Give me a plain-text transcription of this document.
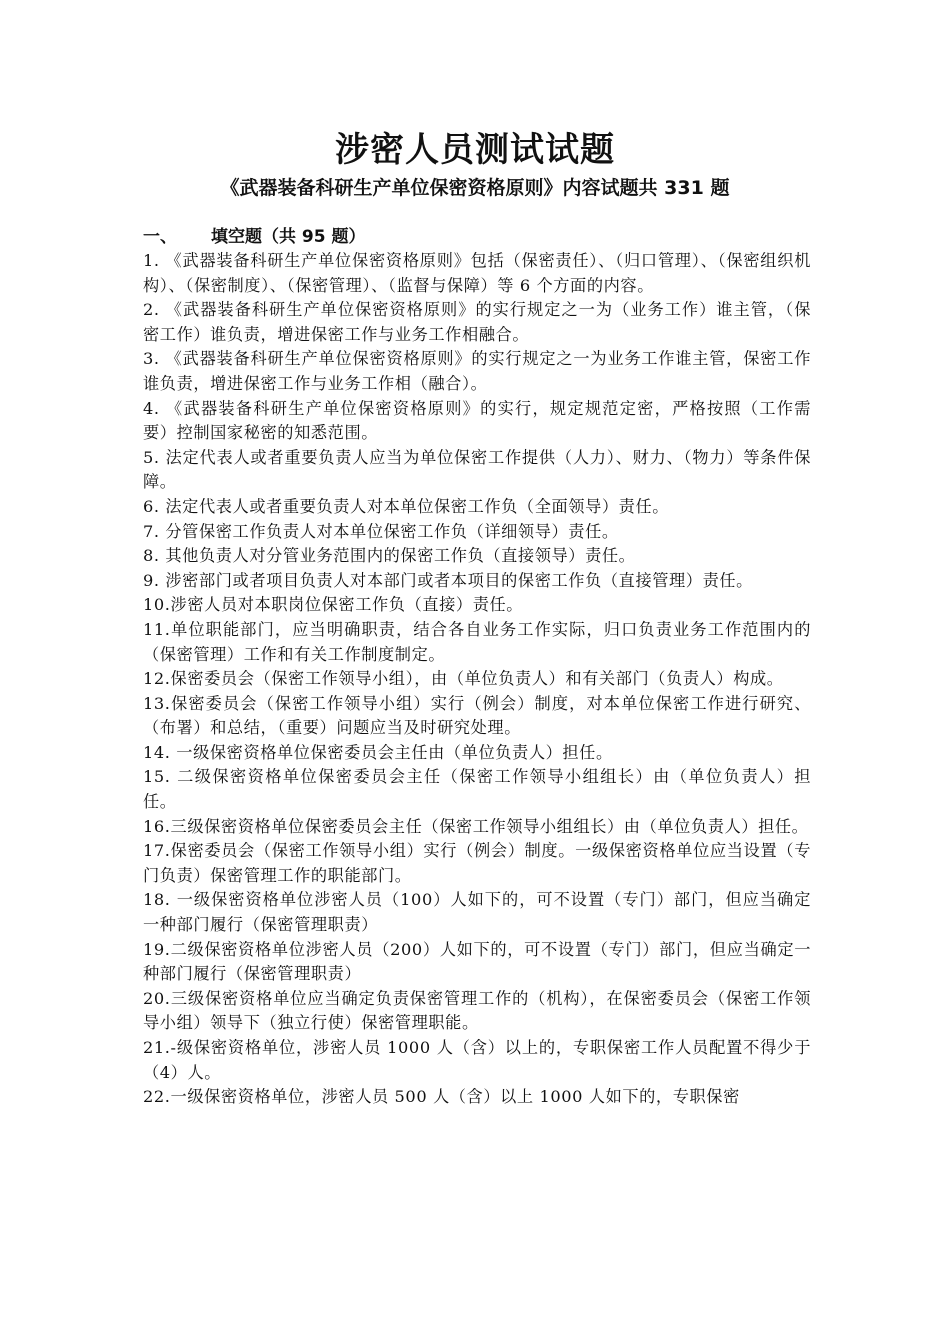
涉密人员测试试题
《武器装备科研生产单位保密资格原则》内容试题共 331 题
一、 填空题（共 95 题）
1. 《武器装备科研生产单位保密资格原则》包括（保密责任）、（归口管理）、（保密组织机构）、（保密制度）、（保密管理）、（监督与保障）等 6 个方面的内容。
2. 《武器装备科研生产单位保密资格原则》的实行规定之一为（业务工作）谁主管，（保密工作）谁负责，增进保密工作与业务工作相融合。
3. 《武器装备科研生产单位保密资格原则》的实行规定之一为业务工作谁主管，保密工作谁负责，增进保密工作与业务工作相（融合）。
4. 《武器装备科研生产单位保密资格原则》的实行，规定规范定密，严格按照（工作需要）控制国家秘密的知悉范围。
5. 法定代表人或者重要负责人应当为单位保密工作提供（人力）、财力、（物力）等条件保障。
6. 法定代表人或者重要负责人对本单位保密工作负（全面领导）责任。
7. 分管保密工作负责人对本单位保密工作负（详细领导）责任。
8. 其他负责人对分管业务范围内的保密工作负（直接领导）责任。
9. 涉密部门或者项目负责人对本部门或者本项目的保密工作负（直接管理）责任。
10.涉密人员对本职岗位保密工作负（直接）责任。
11.单位职能部门，应当明确职责，结合各自业务工作实际，归口负责业务工作范围内的（保密管理）工作和有关工作制度制定。
12.保密委员会（保密工作领导小组），由（单位负责人）和有关部门（负责人）构成。
13.保密委员会（保密工作领导小组）实行（例会）制度，对本单位保密工作进行研究、（布署）和总结，（重要）问题应当及时研究处理。
14. 一级保密资格单位保密委员会主任由（单位负责人）担任。
15. 二级保密资格单位保密委员会主任（保密工作领导小组组长）由（单位负责人）担任。
16.三级保密资格单位保密委员会主任（保密工作领导小组组长）由（单位负责人）担任。
17.保密委员会（保密工作领导小组）实行（例会）制度。一级保密资格单位应当设置（专门负责）保密管理工作的职能部门。
18. 一级保密资格单位涉密人员（100）人如下的，可不设置（专门）部门，但应当确定一种部门履行（保密管理职责）
19.二级保密资格单位涉密人员（200）人如下的，可不设置（专门）部门，但应当确定一种部门履行（保密管理职责）
20.三级保密资格单位应当确定负责保密管理工作的（机构），在保密委员会（保密工作领导小组）领导下（独立行使）保密管理职能。
21.-级保密资格单位，涉密人员 1000 人（含）以上的，专职保密工作人员配置不得少于（4）人。
22.一级保密资格单位，涉密人员 500 人（含）以上 1000 人如下的，专职保密
